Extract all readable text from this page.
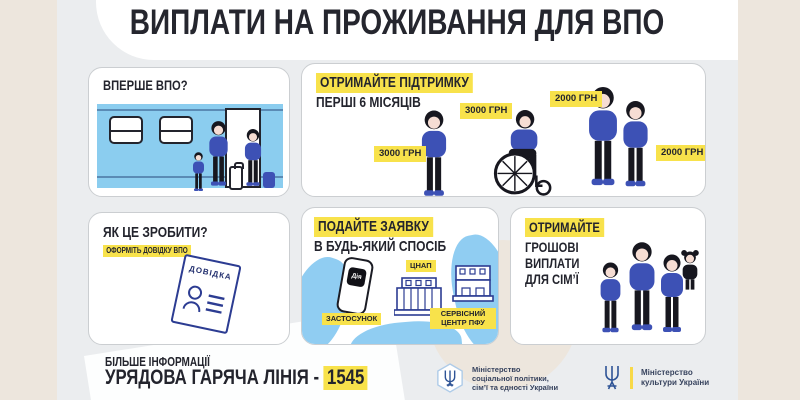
ВИПЛАТИ НА ПРОЖИВАННЯ ДЛЯ ВПО
ВПЕРШЕ ВПО?	ОТРИМАЙТЕ ПІДТРИМКУ
ПЕРШІ 6 МІСЯЦІВ
3000 ГРН
3000 ГРН
2000 ГРН
2000 ГРН
ЯК ЦЕ ЗРОБИТИ?
ОФОРМІТЬ ДОВІДКУ ВПО
ДОВІДКА
ПОДАЙТЕ ЗАЯВКУ
В БУДЬ-ЯКИЙ СПОСІБ
Дія
ЗАСТОСУНОК
ЦНАП
СЕРВІСНИЙ ЦЕНТР ПФУ
ОТРИМАЙТЕ
ГРОШОВІ
ВИПЛАТИ
ДЛЯ СІМ’Ї
БІЛЬШЕ ІНФОРМАЦІЇ
УРЯДОВА ГАРЯЧА ЛІНІЯ - 1545	Міністерство
соціальної політики,
сім’ї та єдності України
Міністерство
культури України
